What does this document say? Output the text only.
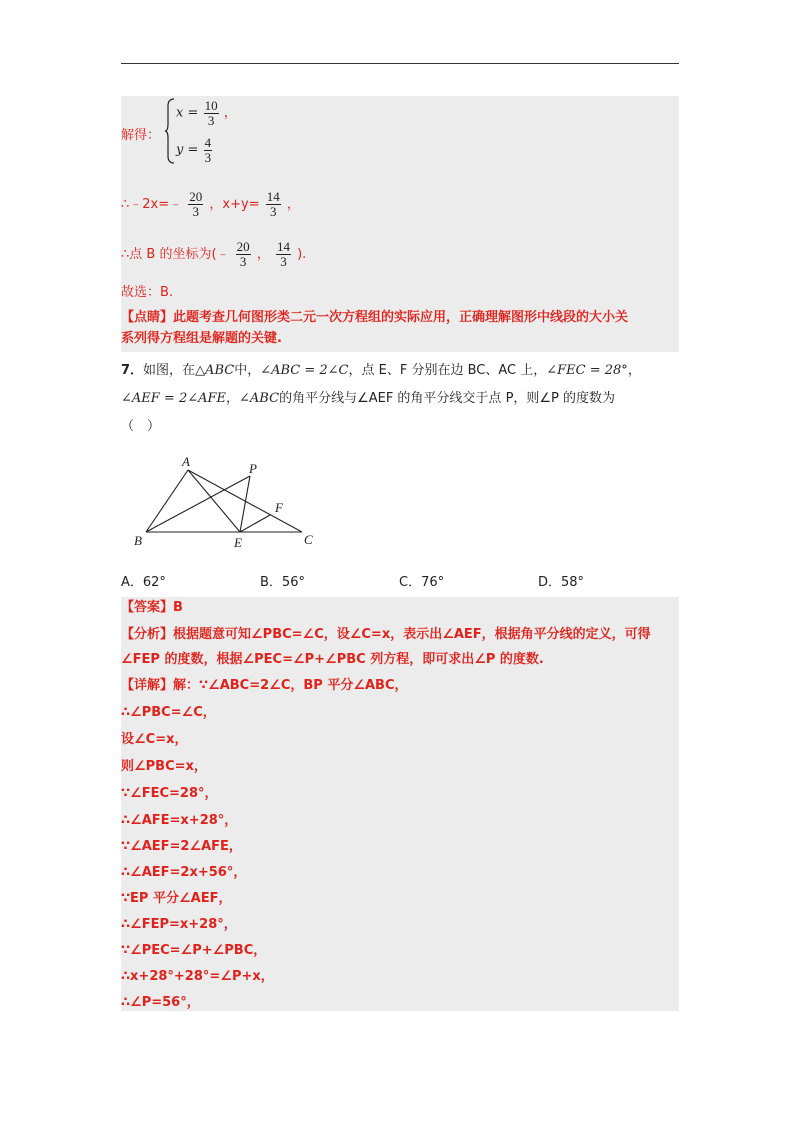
解得：
$x = \frac{10}{3}$ ，
$y = \frac{4}{3}$
∴﹣2x=﹣ $\frac{20}{3}$ ，$x+y= \frac{14}{3}$ ，
∴点 B 的坐标为(﹣ $\frac{20}{3}$ ， $\frac{14}{3}$ ).
故选：B.
【点睛】此题考查几何图形类二元一次方程组的实际应用，正确理解图形中线段的大小关
系列得方程组是解题的关键.
7．如图，在△ABC中，∠ABC = 2∠C，点 E、F 分别在边 BC、AC 上，∠FEC = 28°，
∠AEF = 2∠AFE，∠ABC的角平分线与∠AEF 的角平分线交于点 P，则∠P 的度数为
（　）
A	P
F
B	E	C
A．62°	B．56°	C．76°	D．58°
【答案】B
【分析】根据题意可知∠PBC=∠C，设∠C=x，表示出∠AEF，根据角平分线的定义，可得
∠FEP 的度数，根据∠PEC=∠P+∠PBC 列方程，即可求出∠P 的度数.
【详解】解：∵∠ABC=2∠C，BP 平分∠ABC，
∴∠PBC=∠C，
设∠C=x，
则∠PBC=x，
∵∠FEC=28°，
∴∠AFE=x+28°，
∵∠AEF=2∠AFE，
∴∠AEF=2x+56°，
∵EP 平分∠AEF，
∴∠FEP=x+28°，
∵∠PEC=∠P+∠PBC，
∴x+28°+28°=∠P+x，
∴∠P=56°，
